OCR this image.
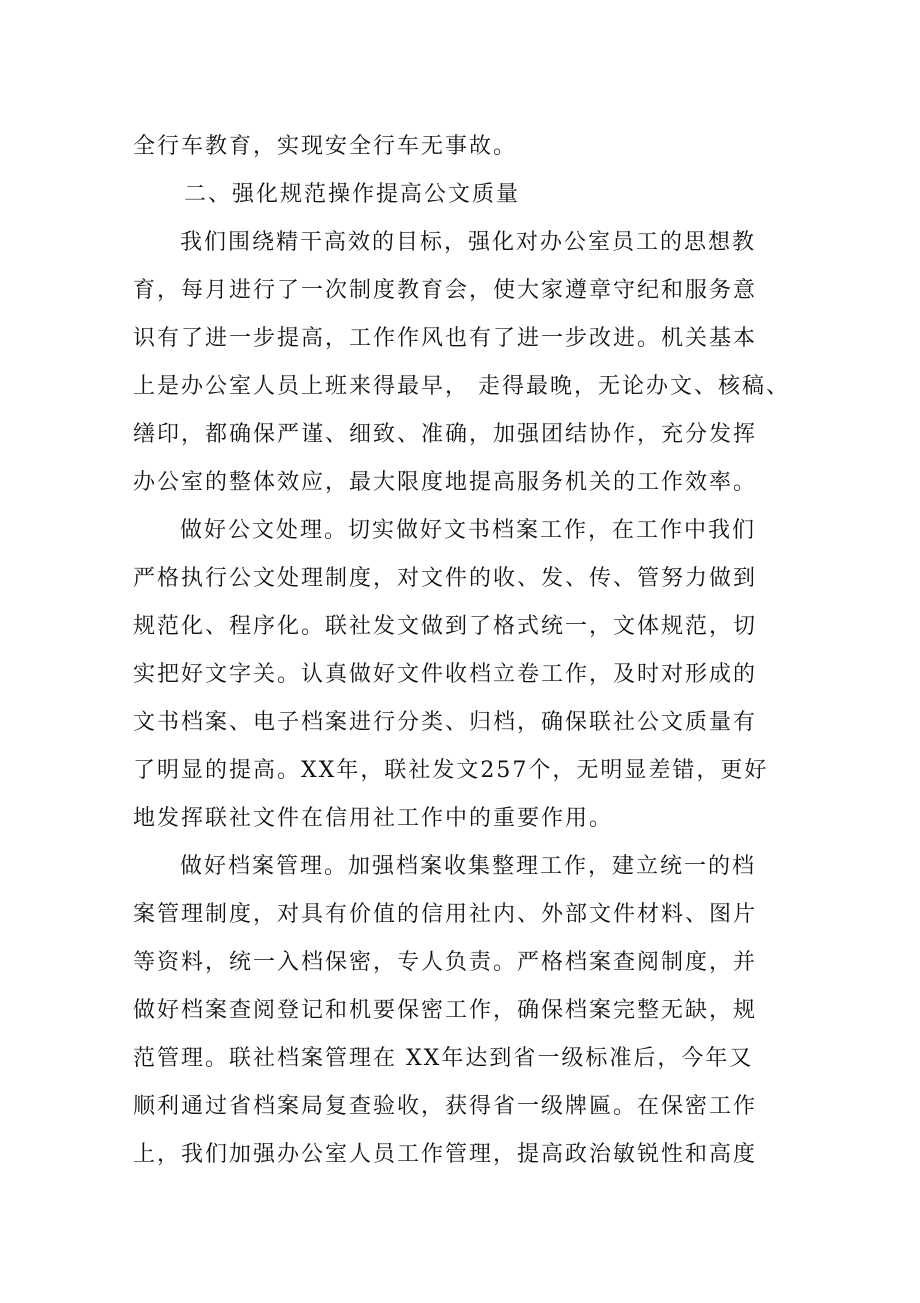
全行车教育，实现安全行车无事故。
二、强化规范操作提高公文质量
我们围绕精干高效的目标，强化对办公室员工的思想教
育，每月进行了一次制度教育会，使大家遵章守纪和服务意
识有了进一步提高，工作作风也有了进一步改进。机关基本
上是办公室人员上班来得最早， 走得最晚，无论办文、核稿、
缮印，都确保严谨、细致、准确，加强团结协作，充分发挥
办公室的整体效应，最大限度地提高服务机关的工作效率。
做好公文处理。切实做好文书档案工作，在工作中我们
严格执行公文处理制度，对文件的收、发、传、管努力做到
规范化、程序化。联社发文做到了格式统一，文体规范，切
实把好文字关。认真做好文件收档立卷工作，及时对形成的
文书档案、电子档案进行分类、归档，确保联社公文质量有
了明显的提高。XX年，联社发文257个，无明显差错，更好
地发挥联社文件在信用社工作中的重要作用。
做好档案管理。加强档案收集整理工作，建立统一的档
案管理制度，对具有价值的信用社内、外部文件材料、图片
等资料，统一入档保密，专人负责。严格档案查阅制度，并
做好档案查阅登记和机要保密工作，确保档案完整无缺，规
范管理。联社档案管理在 XX年达到省一级标准后，今年又
顺利通过省档案局复查验收，获得省一级牌匾。在保密工作
上，我们加强办公室人员工作管理，提高政治敏锐性和高度
